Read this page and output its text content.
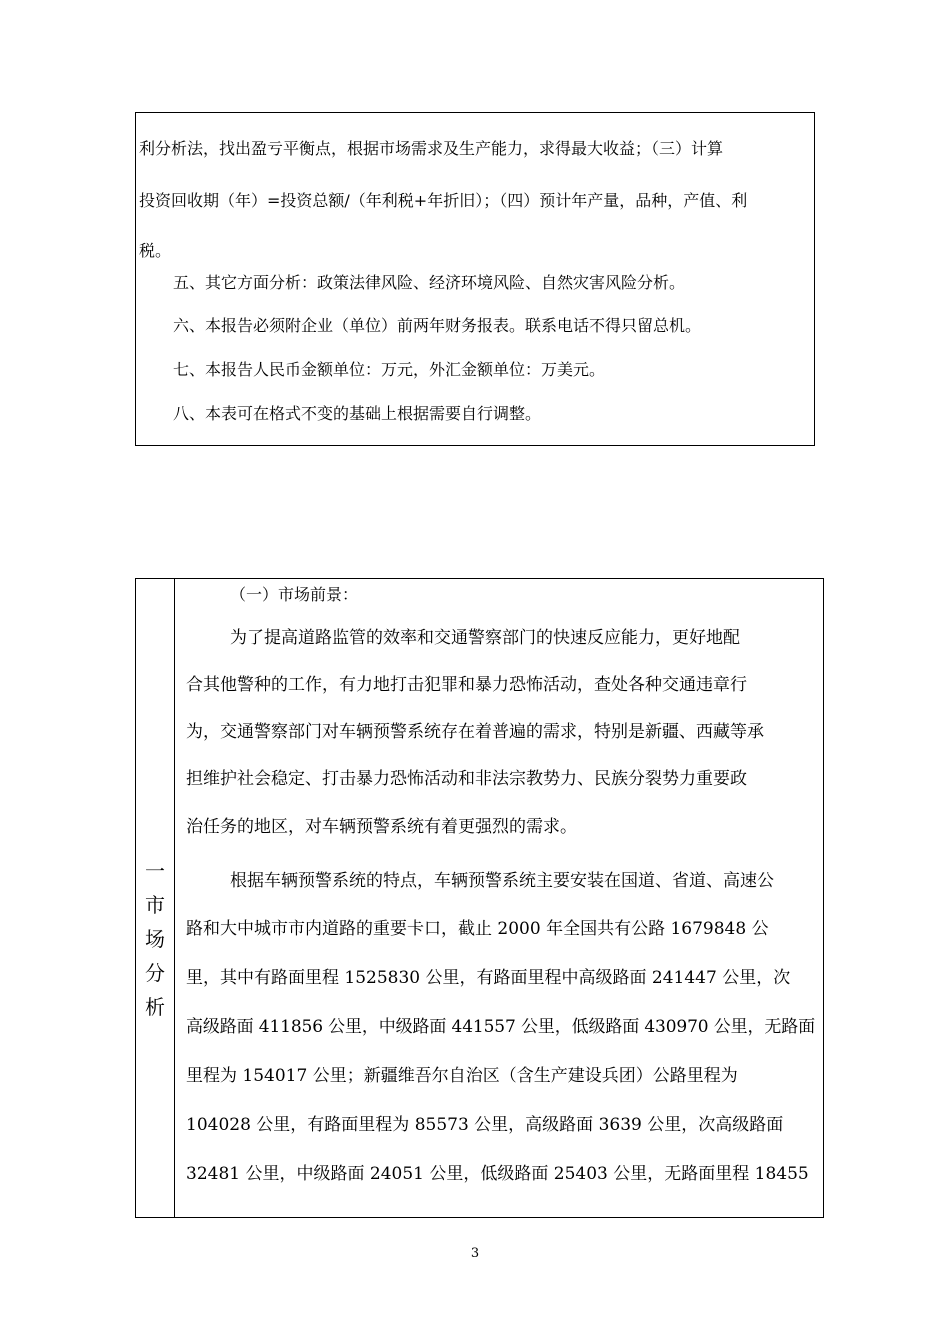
利分析法，找出盈亏平衡点，根据市场需求及生产能力，求得最大收益；（三）计算
投资回收期（年）=投资总额/（年利税+年折旧）；（四）预计年产量，品种，产值、利
税。
五、其它方面分析：政策法律风险、经济环境风险、自然灾害风险分析。
六、本报告必须附企业（单位）前两年财务报表。联系电话不得只留总机。
七、本报告人民币金额单位：万元，外汇金额单位：万美元。
八、本表可在格式不变的基础上根据需要自行调整。
一
市
场
分
析
（一）市场前景：
为了提高道路监管的效率和交通警察部门的快速反应能力，更好地配
合其他警种的工作，有力地打击犯罪和暴力恐怖活动，查处各种交通违章行
为，交通警察部门对车辆预警系统存在着普遍的需求，特别是新疆、西藏等承
担维护社会稳定、打击暴力恐怖活动和非法宗教势力、民族分裂势力重要政
治任务的地区，对车辆预警系统有着更强烈的需求。
根据车辆预警系统的特点，车辆预警系统主要安装在国道、省道、高速公
路和大中城市市内道路的重要卡口，截止 2000 年全国共有公路 1679848 公
里，其中有路面里程 1525830 公里，有路面里程中高级路面 241447 公里，次
高级路面 411856 公里，中级路面 441557 公里，低级路面 430970 公里，无路面
里程为 154017 公里；新疆维吾尔自治区（含生产建设兵团）公路里程为
104028 公里，有路面里程为 85573 公里，高级路面 3639 公里，次高级路面
32481 公里，中级路面 24051 公里，低级路面 25403 公里，无路面里程 18455
3
